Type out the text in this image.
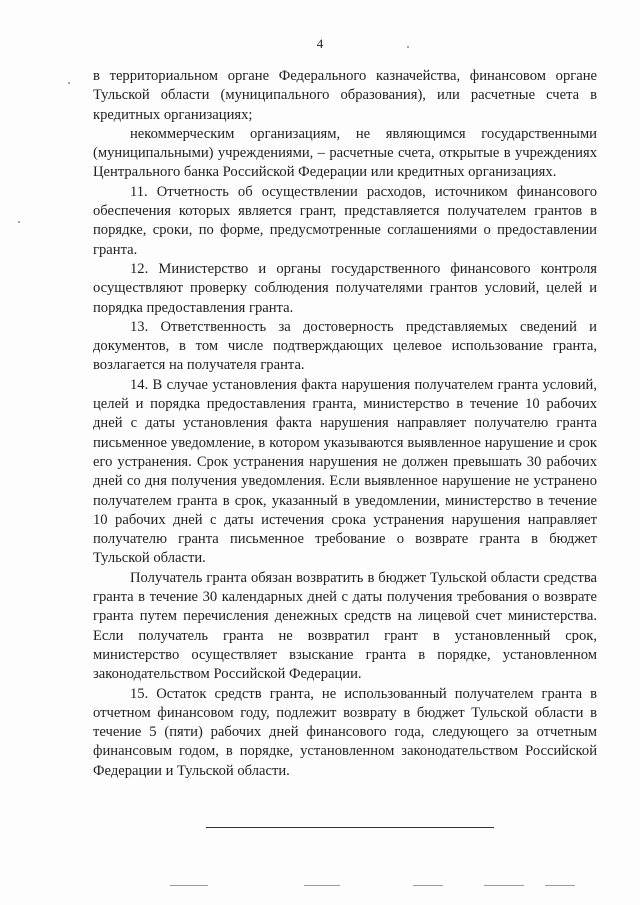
4

в территориальном органе Федерального казначейства, финансовом органе Тульской области (муниципального образования), или расчетные счета в кредитных организациях;

некоммерческим организациям, не являющимся государственными (муниципальными) учреждениями, – расчетные счета, открытые в учреждениях Центрального банка Российской Федерации или кредитных организациях.

11. Отчетность об осуществлении расходов, источником финансового обеспечения которых является грант, представляется получателем грантов в порядке, сроки, по форме, предусмотренные соглашениями о предоставлении гранта.

12. Министерство и органы государственного финансового контроля осуществляют проверку соблюдения получателями грантов условий, целей и порядка предоставления гранта.

13. Ответственность за достоверность представляемых сведений и документов, в том числе подтверждающих целевое использование гранта, возлагается на получателя гранта.

14. В случае установления факта нарушения получателем гранта условий, целей и порядка предоставления гранта, министерство в течение 10 рабочих дней с даты установления факта нарушения направляет получателю гранта письменное уведомление, в котором указываются выявленное нарушение и срок его устранения. Срок устранения нарушения не должен превышать 30 рабочих дней со дня получения уведомления. Если выявленное нарушение не устранено получателем гранта в срок, указанный в уведомлении, министерство в течение 10 рабочих дней с даты истечения срока устранения нарушения направляет получателю гранта письменное требование о возврате гранта в бюджет Тульской области.

Получатель гранта обязан возвратить в бюджет Тульской области средства гранта в течение 30 календарных дней с даты получения требования о возврате гранта путем перечисления денежных средств на лицевой счет министерства. Если получатель гранта не возвратил грант в установленный срок, министерство осуществляет взыскание гранта в порядке, установленном законодательством Российской Федерации.

15. Остаток средств гранта, не использованный получателем гранта в отчетном финансовом году, подлежит возврату в бюджет Тульской области в течение 5 (пяти) рабочих дней финансового года, следующего за отчетным финансовым годом, в порядке, установленном законодательством Российской Федерации и Тульской области.
